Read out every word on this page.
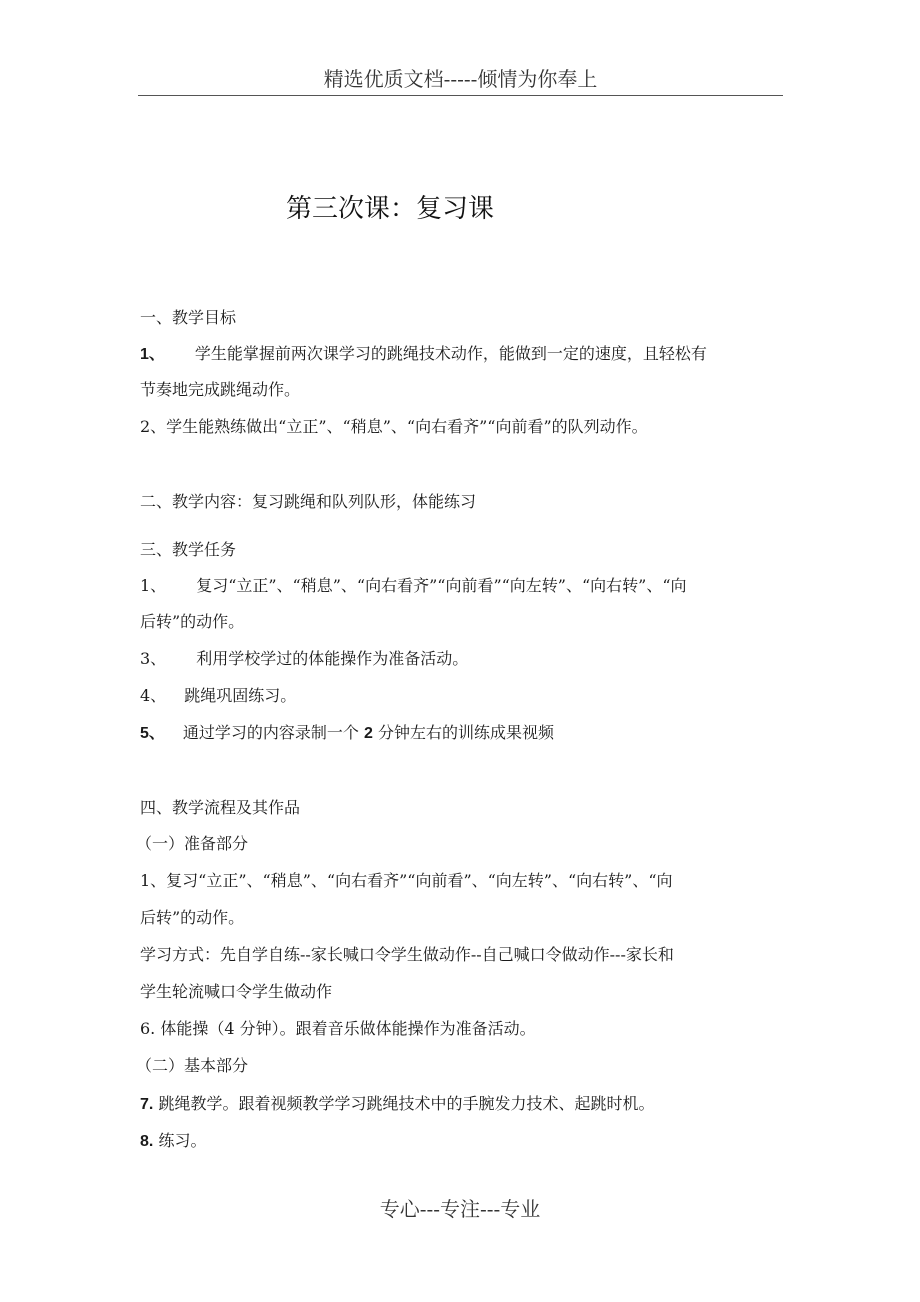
精选优质文档-----倾情为你奉上
第三次课：复习课
一、教学目标
1、 学生能掌握前两次课学习的跳绳技术动作，能做到一定的速度，且轻松有
节奏地完成跳绳动作。
2、学生能熟练做出“立正”、“稍息”、“向右看齐”“向前看”的队列动作。
二、教学内容：复习跳绳和队列队形，体能练习
三、教学任务
1、 复习“立正”、“稍息”、“向右看齐”“向前看”“向左转”、“向右转”、“向
后转”的动作。
3、 利用学校学过的体能操作为准备活动。
4、 跳绳巩固练习。
5、 通过学习的内容录制一个 2 分钟左右的训练成果视频
四、教学流程及其作品
（一）准备部分
1、复习“立正”、“稍息”、“向右看齐”“向前看”、“向左转”、“向右转”、“向
后转”的动作。
学习方式：先自学自练--家长喊口令学生做动作--自己喊口令做动作---家长和
学生轮流喊口令学生做动作
6. 体能操（4 分钟）。跟着音乐做体能操作为准备活动。
（二）基本部分
7. 跳绳教学。跟着视频教学学习跳绳技术中的手腕发力技术、起跳时机。
8. 练习。
专心---专注---专业
